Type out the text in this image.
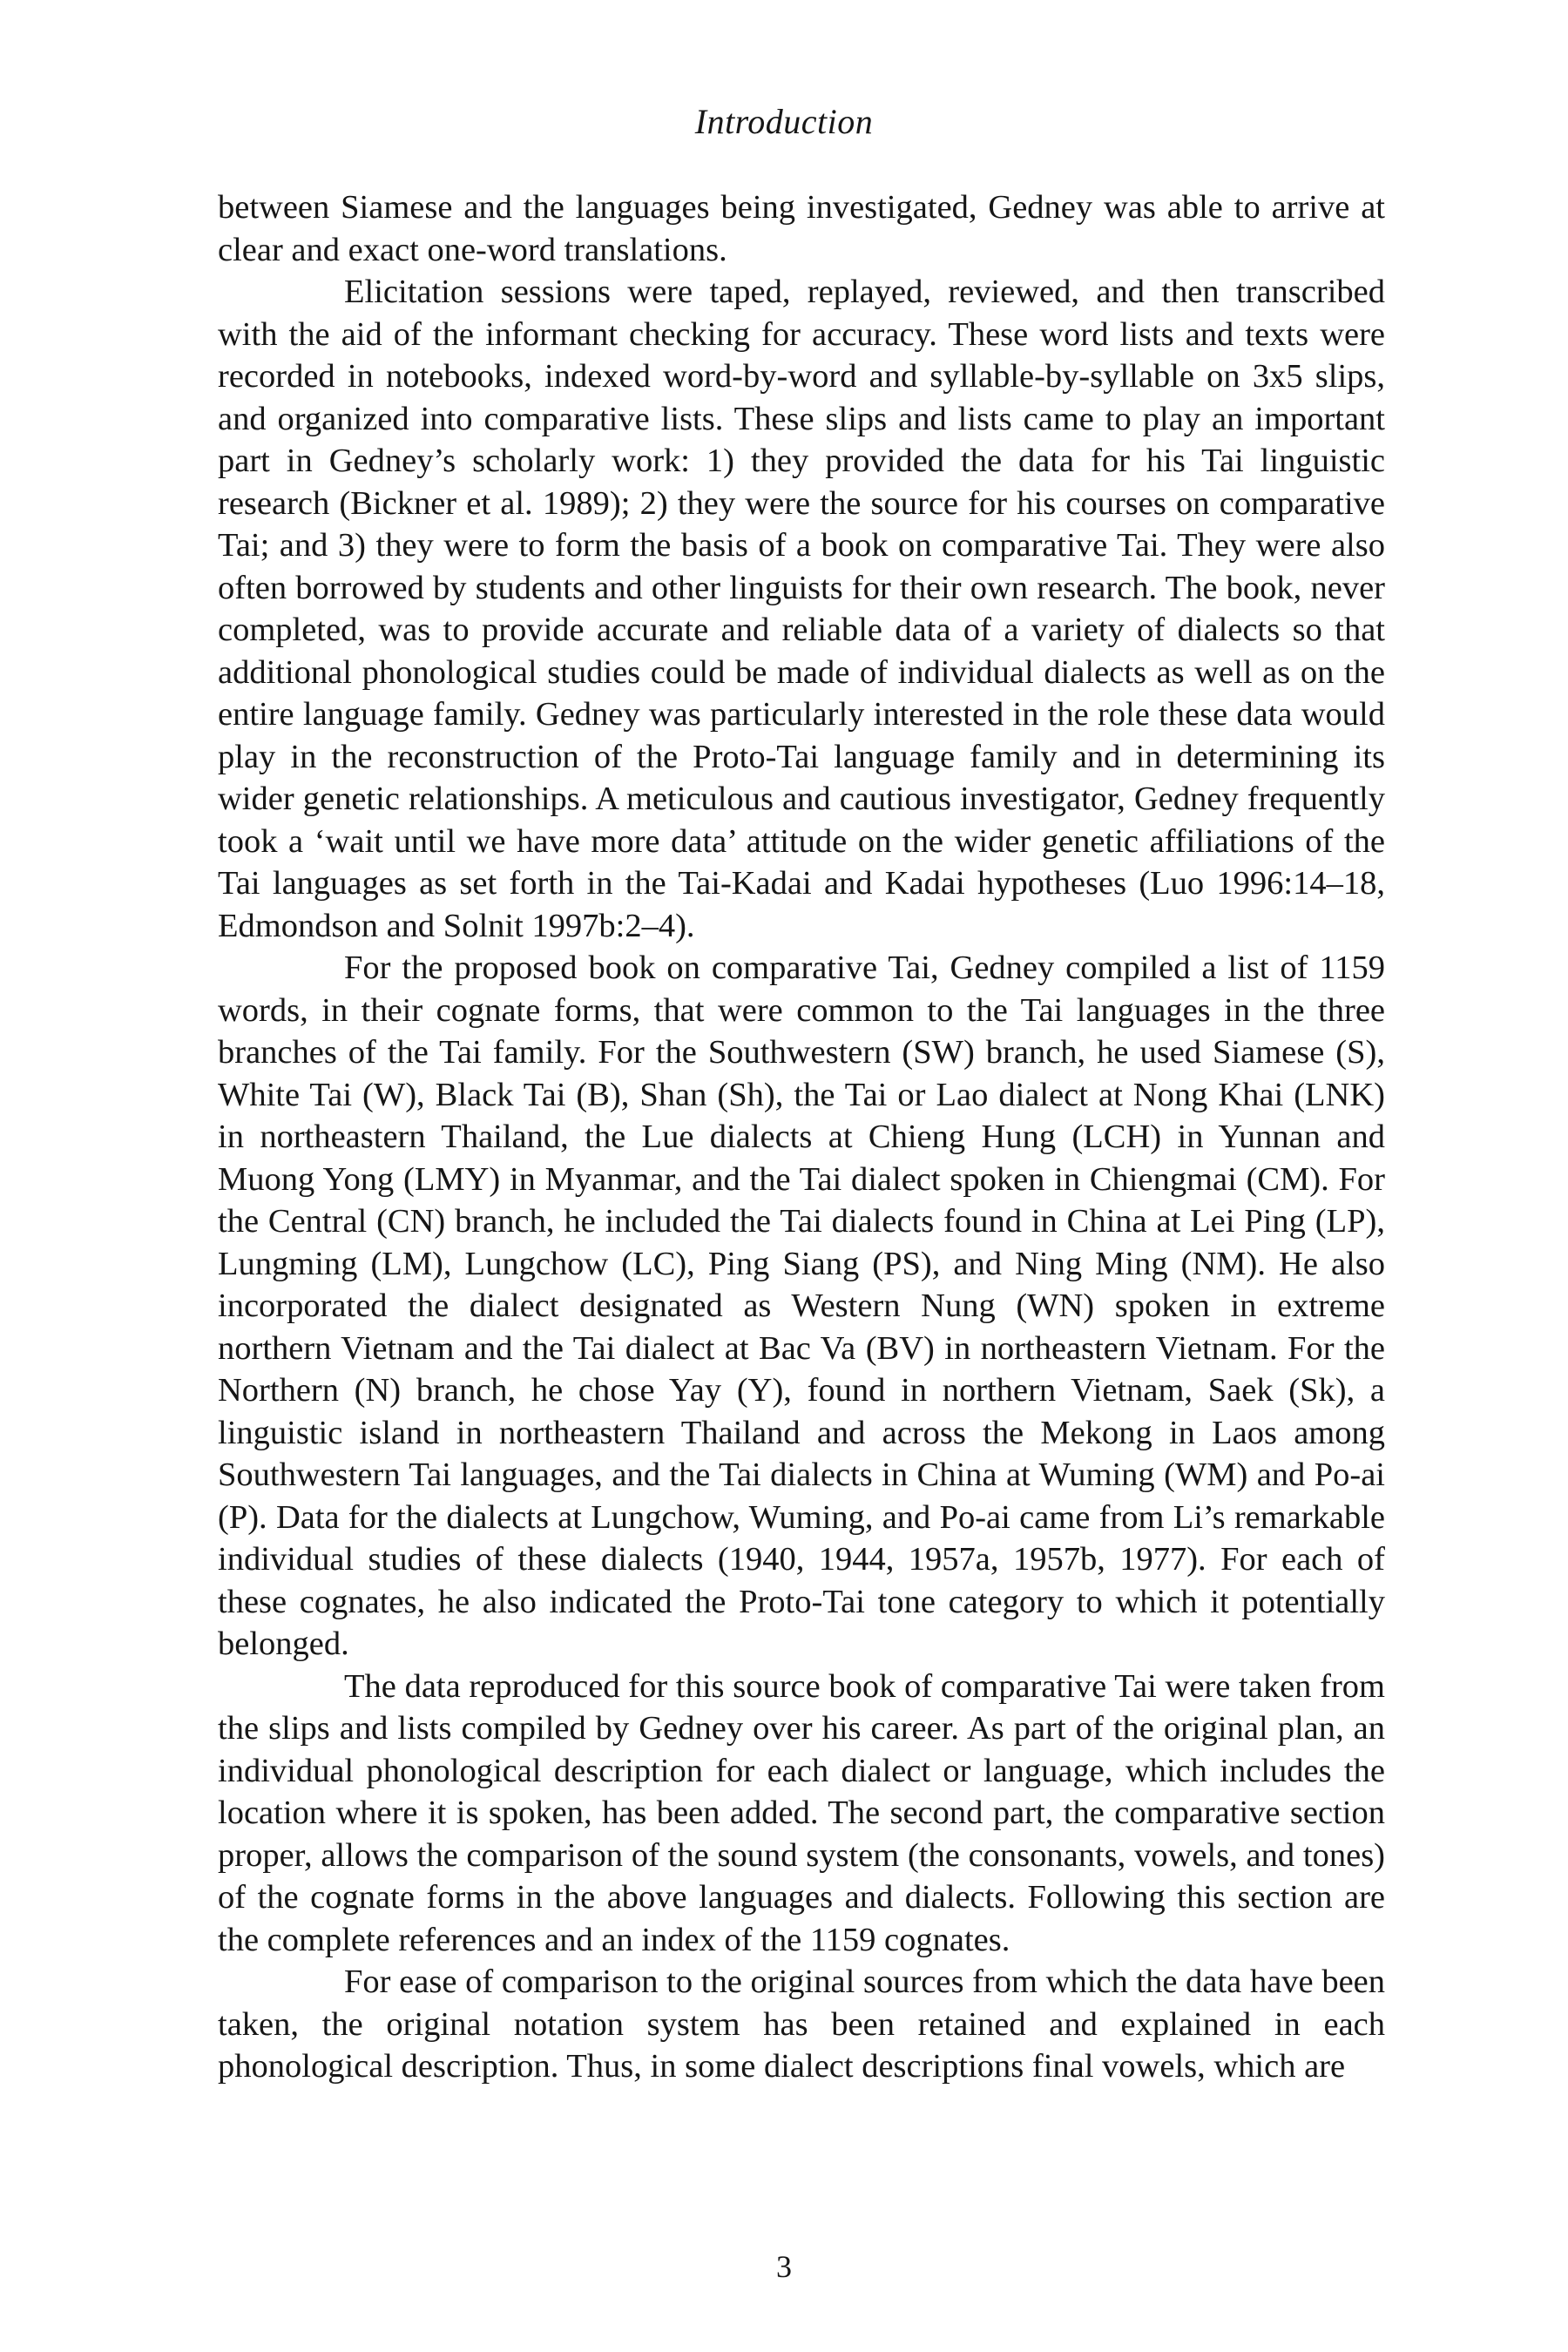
Introduction

between Siamese and the languages being investigated, Gedney was able to arrive at clear and exact one-word translations.

Elicitation sessions were taped, replayed, reviewed, and then transcribed with the aid of the informant checking for accuracy. These word lists and texts were recorded in notebooks, indexed word-by-word and syllable-by-syllable on 3x5 slips, and organized into comparative lists. These slips and lists came to play an important part in Gedney’s scholarly work: 1) they provided the data for his Tai linguistic research (Bickner et al. 1989); 2) they were the source for his courses on comparative Tai; and 3) they were to form the basis of a book on comparative Tai. They were also often borrowed by students and other linguists for their own research. The book, never completed, was to provide accurate and reliable data of a variety of dialects so that additional phonological studies could be made of individual dialects as well as on the entire language family. Gedney was particularly interested in the role these data would play in the reconstruction of the Proto-Tai language family and in determining its wider genetic relationships. A meticulous and cautious investigator, Gedney frequently took a ‘wait until we have more data’ attitude on the wider genetic affiliations of the Tai languages as set forth in the Tai-Kadai and Kadai hypotheses (Luo 1996:14–18, Edmondson and Solnit 1997b:2–4).

For the proposed book on comparative Tai, Gedney compiled a list of 1159 words, in their cognate forms, that were common to the Tai languages in the three branches of the Tai family. For the Southwestern (SW) branch, he used Siamese (S), White Tai (W), Black Tai (B), Shan (Sh), the Tai or Lao dialect at Nong Khai (LNK) in northeastern Thailand, the Lue dialects at Chieng Hung (LCH) in Yunnan and Muong Yong (LMY) in Myanmar, and the Tai dialect spoken in Chiengmai (CM). For the Central (CN) branch, he included the Tai dialects found in China at Lei Ping (LP), Lungming (LM), Lungchow (LC), Ping Siang (PS), and Ning Ming (NM). He also incorporated the dialect designated as Western Nung (WN) spoken in extreme northern Vietnam and the Tai dialect at Bac Va (BV) in northeastern Vietnam. For the Northern (N) branch, he chose Yay (Y), found in northern Vietnam, Saek (Sk), a linguistic island in northeastern Thailand and across the Mekong in Laos among Southwestern Tai languages, and the Tai dialects in China at Wuming (WM) and Po-ai (P). Data for the dialects at Lungchow, Wuming, and Po-ai came from Li’s remarkable individual studies of these dialects (1940, 1944, 1957a, 1957b, 1977). For each of these cognates, he also indicated the Proto-Tai tone category to which it potentially belonged.

The data reproduced for this source book of comparative Tai were taken from the slips and lists compiled by Gedney over his career. As part of the original plan, an individual phonological description for each dialect or language, which includes the location where it is spoken, has been added. The second part, the comparative section proper, allows the comparison of the sound system (the consonants, vowels, and tones) of the cognate forms in the above languages and dialects. Following this section are the complete references and an index of the 1159 cognates.

For ease of comparison to the original sources from which the data have been taken, the original notation system has been retained and explained in each phonological description. Thus, in some dialect descriptions final vowels, which are

3
